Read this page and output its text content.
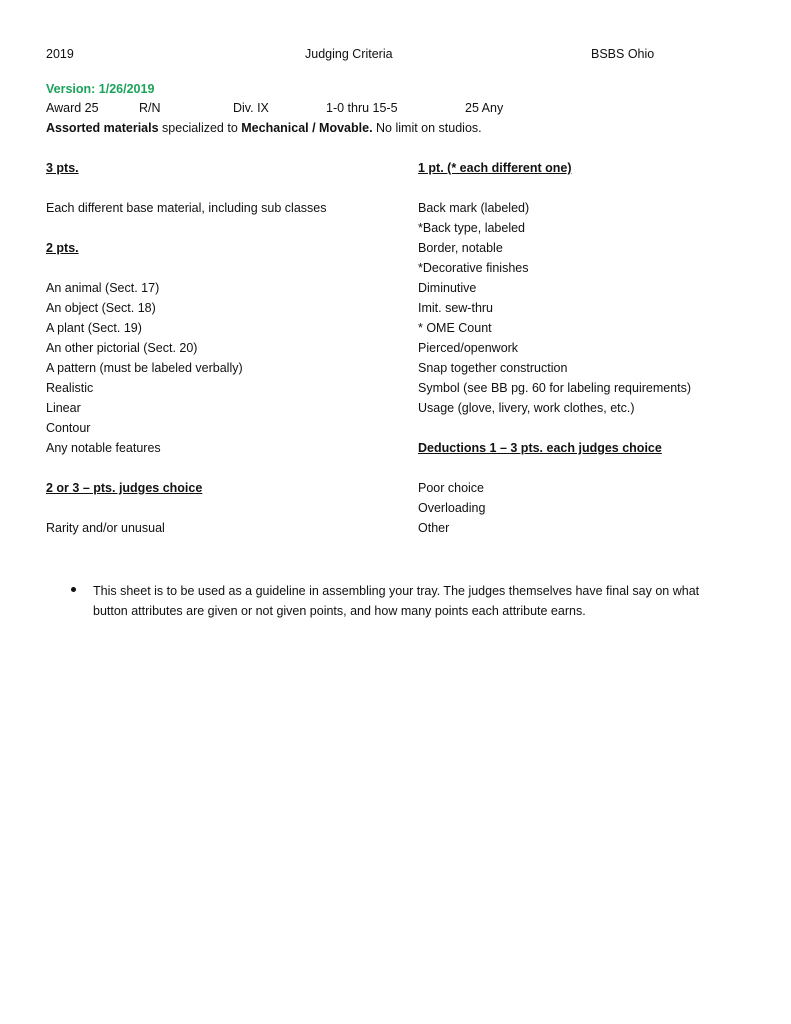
2019	Judging Criteria	BSBS Ohio
Version: 1/26/2019
Award 25	R/N	Div. IX	1-0 thru 15-5	25 Any
Assorted materials specialized to Mechanical / Movable. No limit on studios.
3 pts.
Each different base material, including sub classes
2 pts.
An animal (Sect. 17)
An object (Sect. 18)
A plant (Sect. 19)
An other pictorial (Sect. 20)
A pattern (must be labeled verbally)
Realistic
Linear
Contour
Any notable features
2 or 3 – pts. judges choice
Rarity and/or unusual
1 pt. (* each different one)
Back mark (labeled)
*Back type, labeled
Border, notable
*Decorative finishes
Diminutive
Imit. sew-thru
* OME Count
Pierced/openwork
Snap together construction
Symbol (see BB pg. 60 for labeling requirements)
Usage (glove, livery, work clothes, etc.)
Deductions 1 – 3 pts. each judges choice
Poor choice
Overloading
Other
This sheet is to be used as a guideline in assembling your tray. The judges themselves have final say on what button attributes are given or not given points, and how many points each attribute earns.
